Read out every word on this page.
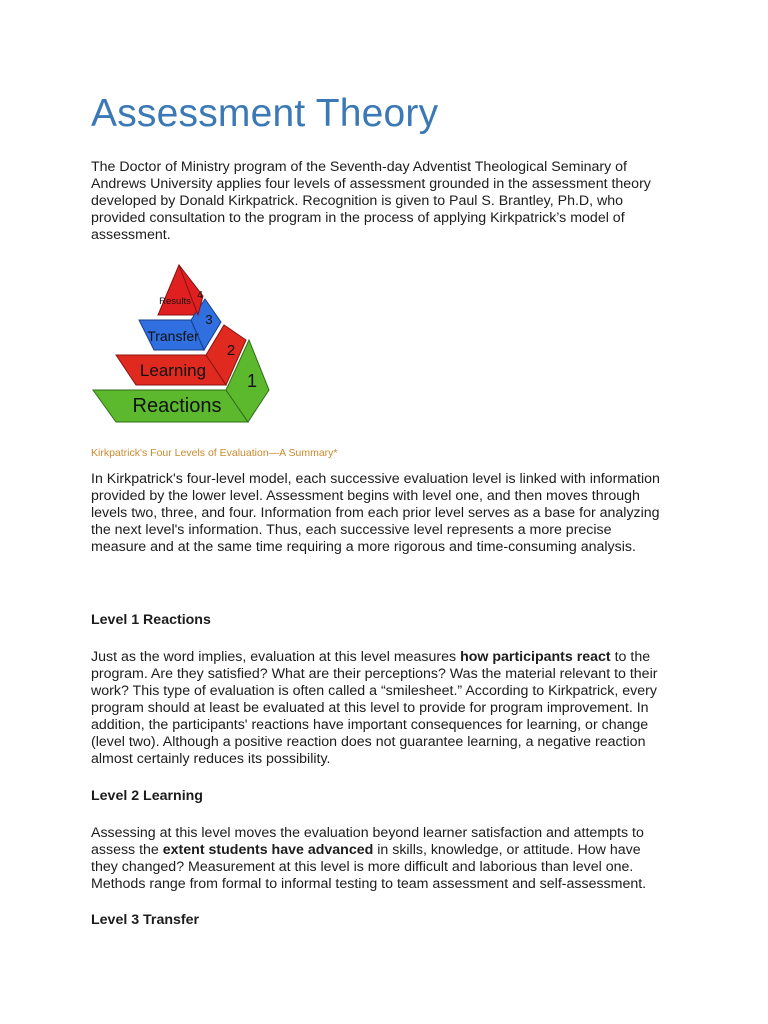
Assessment Theory

The Doctor of Ministry program of the Seventh-day Adventist Theological Seminary of
Andrews University applies four levels of assessment grounded in the assessment theory
developed by Donald Kirkpatrick. Recognition is given to Paul S. Brantley, Ph.D, who
provided consultation to the program in the process of applying Kirkpatrick’s model of
assessment.

Results
Transfer
Learning
Reactions
4
3
2
1

Kirkpatrick's Four Levels of Evaluation—A Summary*

In Kirkpatrick's four-level model, each successive evaluation level is linked with information
provided by the lower level. Assessment begins with level one, and then moves through
levels two, three, and four. Information from each prior level serves as a base for analyzing
the next level's information. Thus, each successive level represents a more precise
measure and at the same time requiring a more rigorous and time-consuming analysis.

Level 1 Reactions

Just as the word implies, evaluation at this level measures how participants react to the
program. Are they satisfied? What are their perceptions? Was the material relevant to their
work? This type of evaluation is often called a “smilesheet.” According to Kirkpatrick, every
program should at least be evaluated at this level to provide for program improvement. In
addition, the participants' reactions have important consequences for learning, or change
(level two). Although a positive reaction does not guarantee learning, a negative reaction
almost certainly reduces its possibility.

Level 2 Learning

Assessing at this level moves the evaluation beyond learner satisfaction and attempts to
assess the extent students have advanced in skills, knowledge, or attitude. How have
they changed? Measurement at this level is more difficult and laborious than level one.
Methods range from formal to informal testing to team assessment and self-assessment.

Level 3 Transfer
